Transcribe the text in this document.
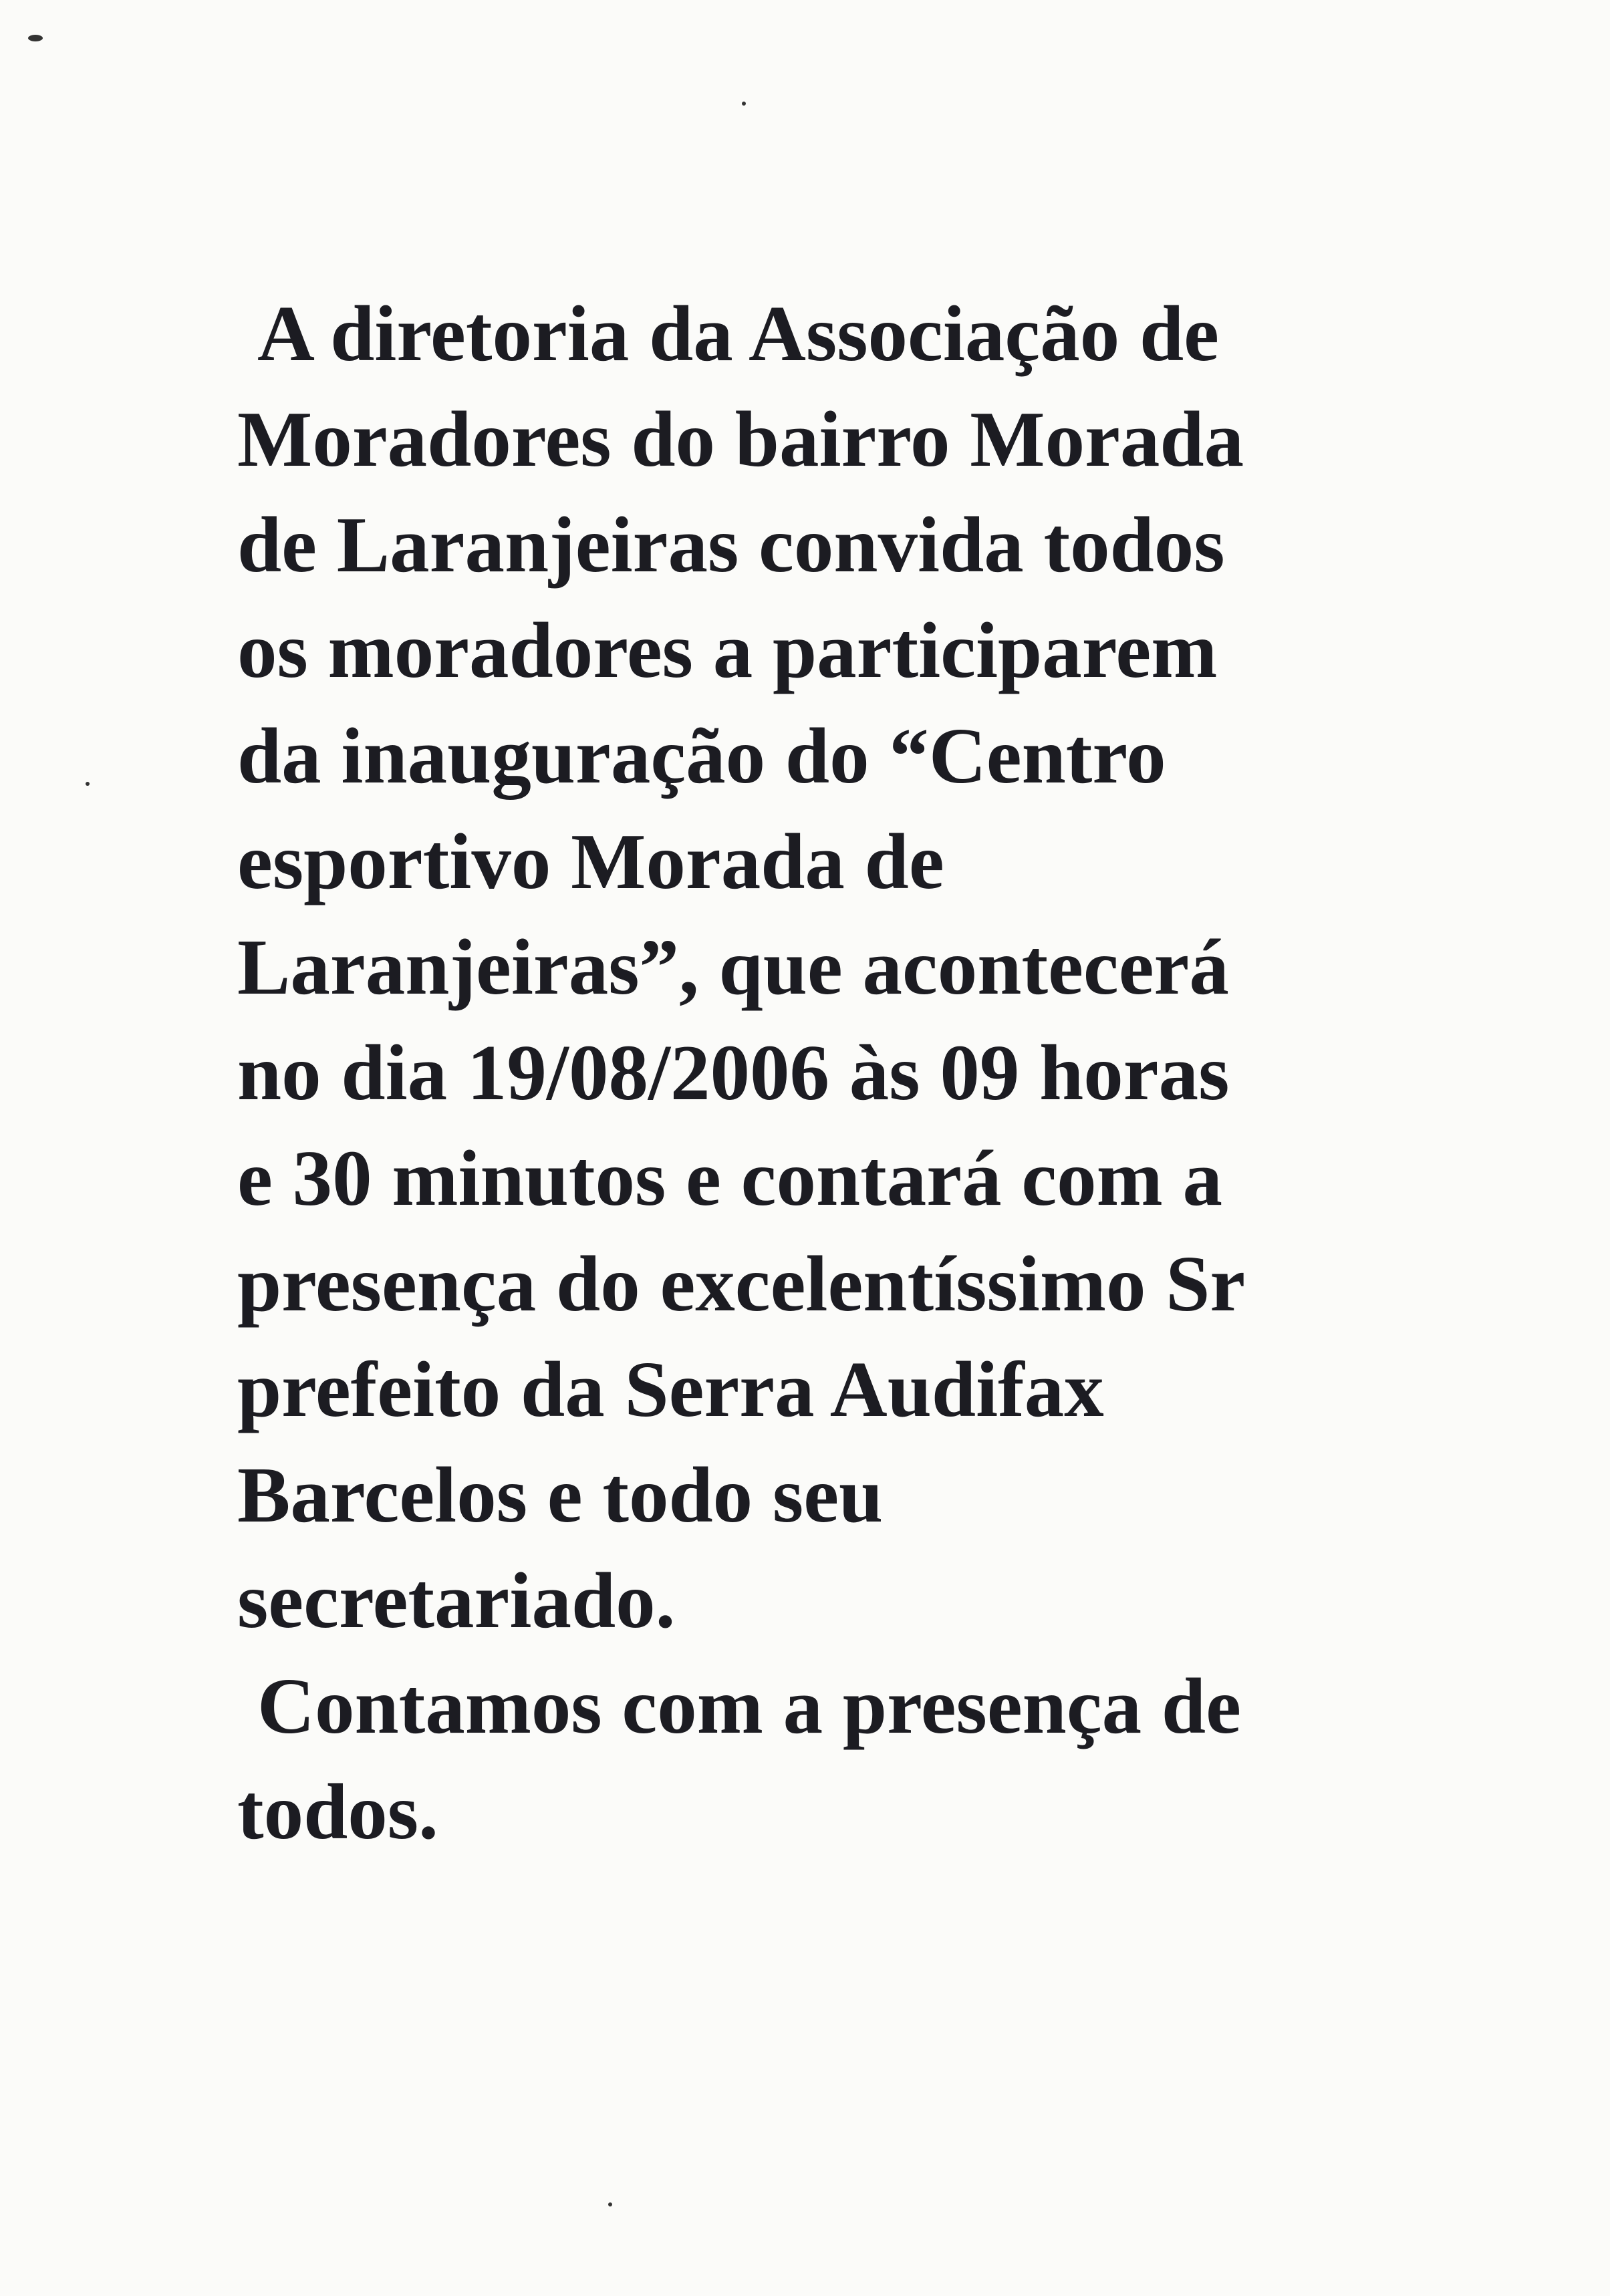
A diretoria da Associação de
Moradores do bairro Morada
de Laranjeiras convida todos
os moradores a participarem
da inauguração do “Centro
esportivo Morada de
Laranjeiras”, que acontecerá
no dia 19/08/2006 às 09 horas
e 30 minutos e contará com a
presença do excelentíssimo Sr
prefeito da Serra Audifax
Barcelos e todo seu
secretariado.
Contamos com a presença de
todos.
